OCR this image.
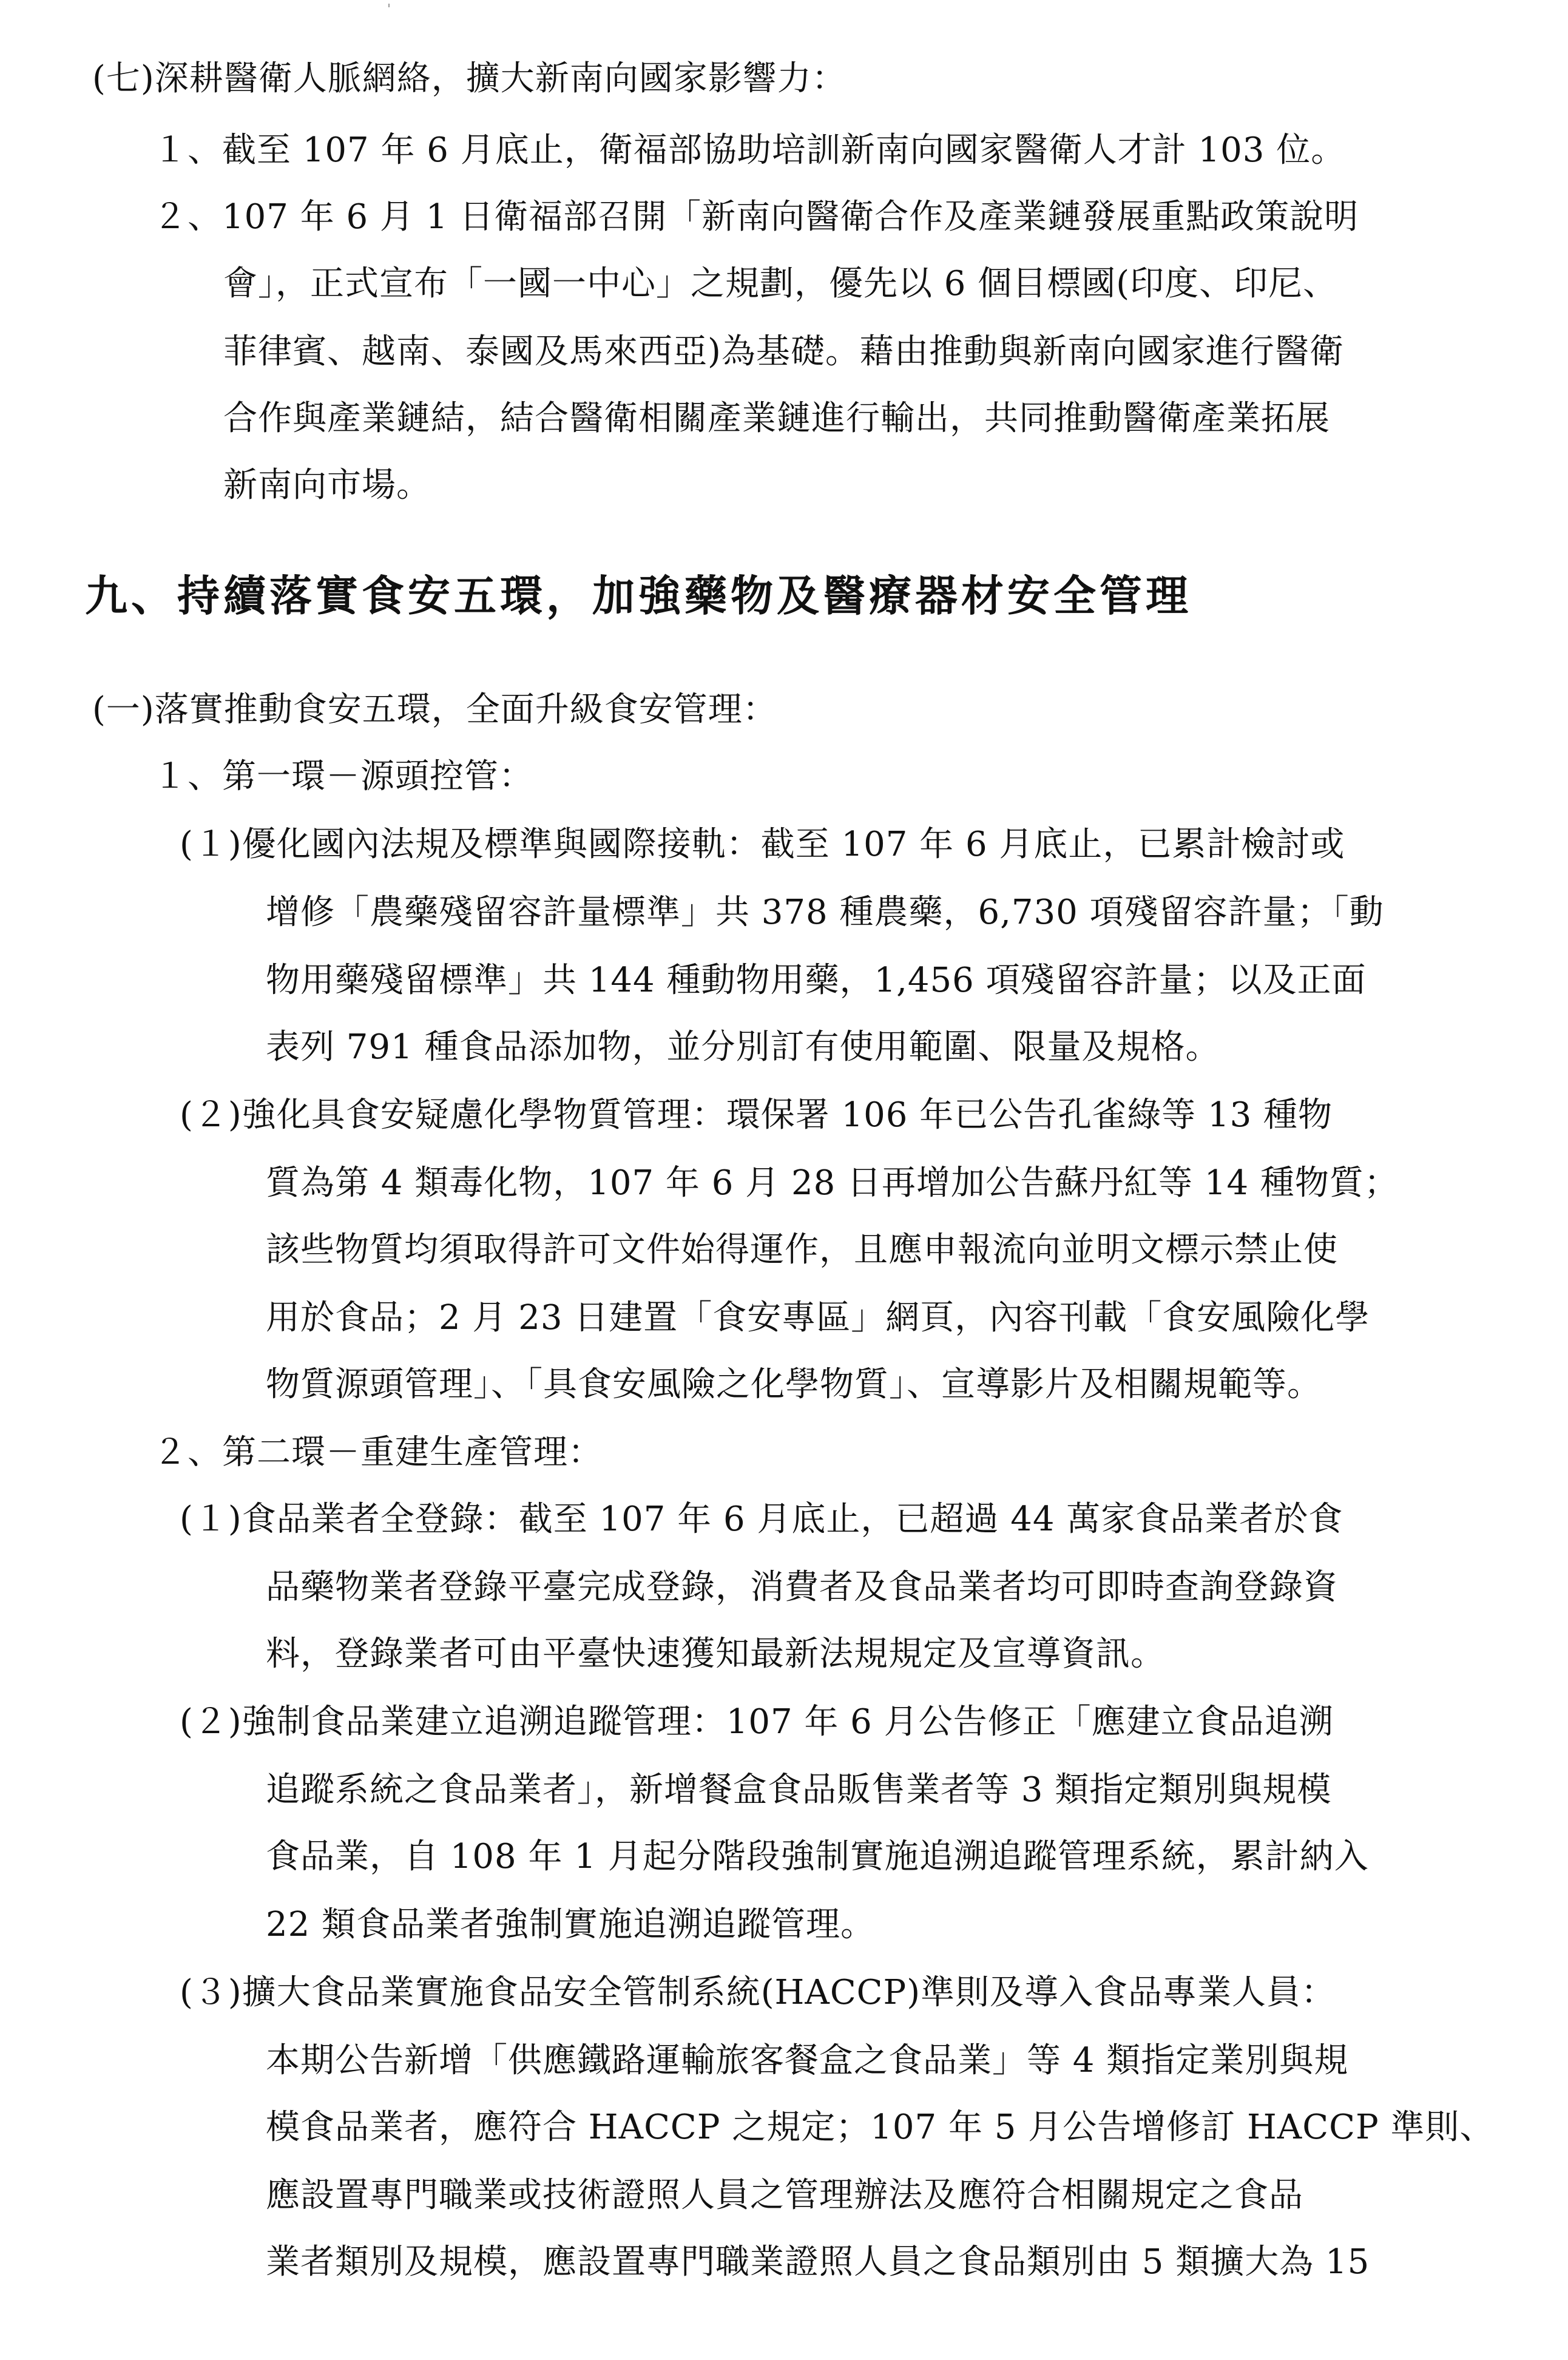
(七)深耕醫衛人脈網絡，擴大新南向國家影響力：
１、截至 107 年 6 月底止，衛福部協助培訓新南向國家醫衛人才計 103 位。
２、107 年 6 月 1 日衛福部召開「新南向醫衛合作及產業鏈發展重點政策說明
會」，正式宣布「一國一中心」之規劃，優先以 6 個目標國(印度、印尼、
菲律賓、越南、泰國及馬來西亞)為基礎。藉由推動與新南向國家進行醫衛
合作與產業鏈結，結合醫衛相關產業鏈進行輸出，共同推動醫衛產業拓展
新南向市場。
九、持續落實食安五環，加強藥物及醫療器材安全管理
(一)落實推動食安五環，全面升級食安管理：
１、第一環－源頭控管：
(１)優化國內法規及標準與國際接軌：截至 107 年 6 月底止，已累計檢討或
增修「農藥殘留容許量標準」共 378 種農藥，6,730 項殘留容許量；「動
物用藥殘留標準」共 144 種動物用藥，1,456 項殘留容許量；以及正面
表列 791 種食品添加物，並分別訂有使用範圍、限量及規格。
(２)強化具食安疑慮化學物質管理：環保署 106 年已公告孔雀綠等 13 種物
質為第 4 類毒化物，107 年 6 月 28 日再增加公告蘇丹紅等 14 種物質；
該些物質均須取得許可文件始得運作，且應申報流向並明文標示禁止使
用於食品；2 月 23 日建置「食安專區」網頁，內容刊載「食安風險化學
物質源頭管理」、「具食安風險之化學物質」、宣導影片及相關規範等。
２、第二環－重建生產管理：
(１)食品業者全登錄：截至 107 年 6 月底止，已超過 44 萬家食品業者於食
品藥物業者登錄平臺完成登錄，消費者及食品業者均可即時查詢登錄資
料，登錄業者可由平臺快速獲知最新法規規定及宣導資訊。
(２)強制食品業建立追溯追蹤管理：107 年 6 月公告修正「應建立食品追溯
追蹤系統之食品業者」，新增餐盒食品販售業者等 3 類指定類別與規模
食品業，自 108 年 1 月起分階段強制實施追溯追蹤管理系統，累計納入
22 類食品業者強制實施追溯追蹤管理。
(３)擴大食品業實施食品安全管制系統(HACCP)準則及導入食品專業人員：
本期公告新增「供應鐵路運輸旅客餐盒之食品業」等 4 類指定業別與規
模食品業者，應符合 HACCP 之規定；107 年 5 月公告增修訂 HACCP 準則、
應設置專門職業或技術證照人員之管理辦法及應符合相關規定之食品
業者類別及規模，應設置專門職業證照人員之食品類別由 5 類擴大為 15
